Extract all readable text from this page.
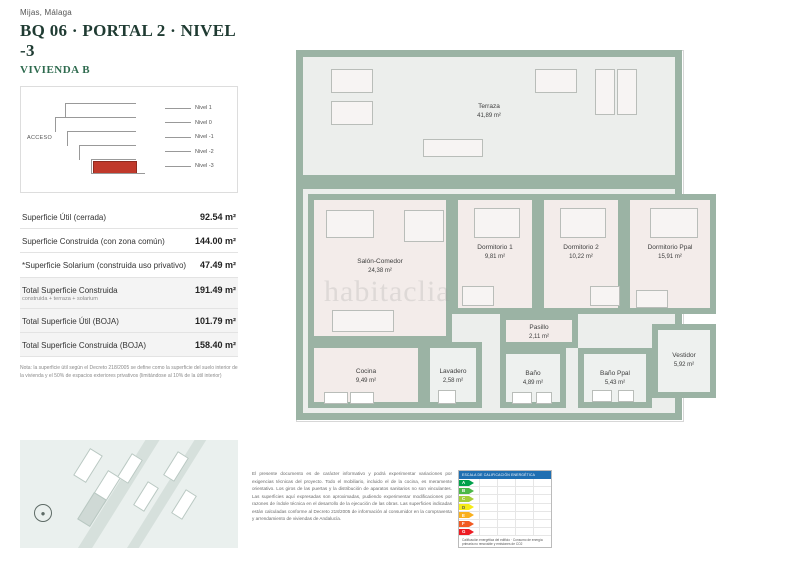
Mijas, Málaga
BQ 06 · PORTAL 2 · NIVEL -3
VIVIENDA B
ACCESO
Nivel 1
Nivel 0
Nivel -1
Nivel -2
Nivel -3
Superficie Útil (cerrada)	92.54 m²
Superficie Construida (con zona común)	144.00 m²
*Superficie Solarium (construida uso privativo)	47.49 m²
Total Superficie Construida
construida + terraza + solarium
191.49 m²
Total Superficie Útil (BOJA)	101.79 m²
Total Superficie Construida (BOJA)	158.40 m²
Nota: la superficie útil según el Decreto 218/2005 se define como la superficie del suelo interior de la vivienda y el 50% de espacios exteriores privativos (limitándose al 10% de la útil interior)
●
Terraza
41,89 m²
Salón-Comedor
24,38 m²
Dormitorio 1
9,81 m²
Dormitorio 2
10,22 m²
Dormitorio Ppal
15,91 m²
Pasillo
2,11 m²
Vestidor
5,92 m²
Cocina
9,49 m²
Lavadero
2,58 m²
Baño
4,89 m²
Baño Ppal
5,43 m²
habitaclia
El presente documento es de carácter informativo y podrá experimentar variaciones por exigencias técnicas del proyecto. Todo el mobiliario, incluido el de la cocina, es meramente orientativo. Los giros de las puertas y la distribución de aparatos sanitarios no son vinculantes. Las superficies aquí expresadas son aproximadas, pudiendo experimentar modificaciones por razones de índole técnica en el desarrollo de la ejecución de las obras. Las superficies indicadas están calculadas conforme al Decreto 218/2005 de información al consumidor en la compraventa y arrendamiento de viviendas de Andalucía.
ESCALA DE CALIFICACIÓN ENERGÉTICA
A
B
C
D
E
F
G
Calificación energética del edificio · Consumo de energía primaria no renovable y emisiones de CO2
